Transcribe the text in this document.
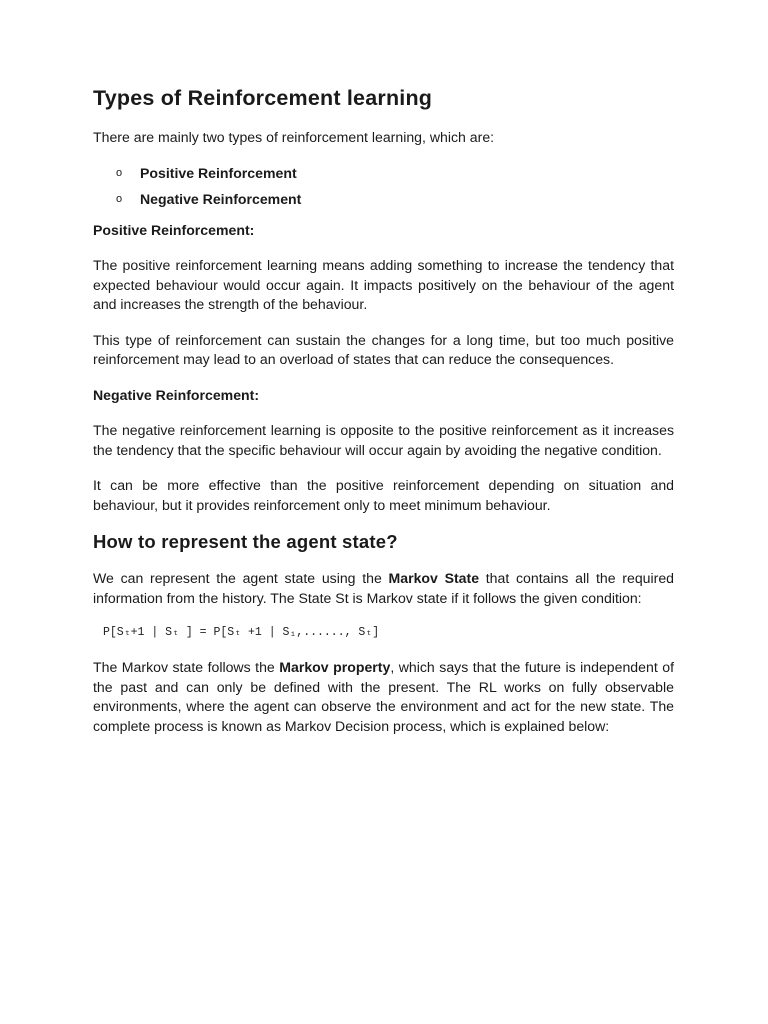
Types of Reinforcement learning

There are mainly two types of reinforcement learning, which are:

o	Positive Reinforcement
o	Negative Reinforcement
Positive Reinforcement:

The positive reinforcement learning means adding something to increase the tendency that expected behaviour would occur again. It impacts positively on the behaviour of the agent and increases the strength of the behaviour.

This type of reinforcement can sustain the changes for a long time, but too much positive reinforcement may lead to an overload of states that can reduce the consequences.

Negative Reinforcement:

The negative reinforcement learning is opposite to the positive reinforcement as it increases the tendency that the specific behaviour will occur again by avoiding the negative condition.

It can be more effective than the positive reinforcement depending on situation and behaviour, but it provides reinforcement only to meet minimum behaviour.

How to represent the agent state?

We can represent the agent state using the Markov State that contains all the required information from the history. The State St is Markov state if it follows the given condition:

P[Sₜ+1 | Sₜ ] = P[Sₜ +1 | S₁,......, Sₜ]

The Markov state follows the Markov property, which says that the future is independent of the past and can only be defined with the present. The RL works on fully observable environments, where the agent can observe the environment and act for the new state. The complete process is known as Markov Decision process, which is explained below:
